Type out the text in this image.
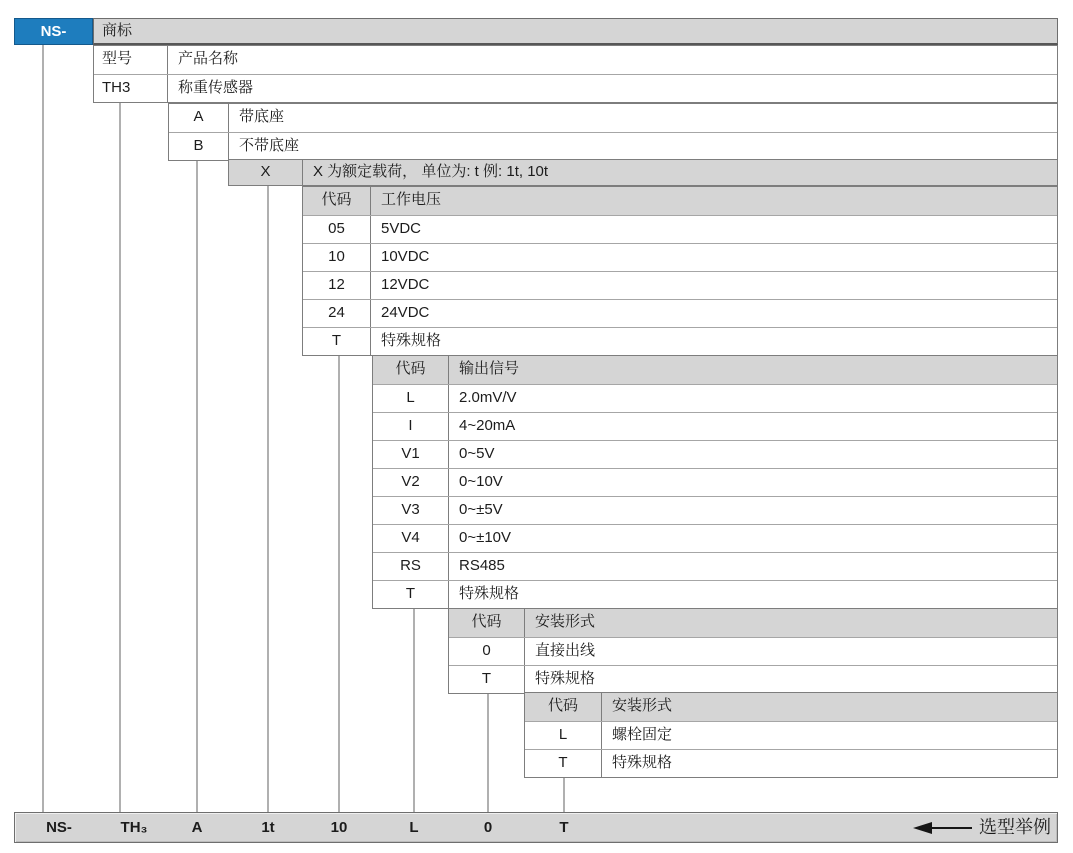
NS-	商标
型号	产品名称
TH3	称重传感器
A	带底座
B	不带底座
X	X 为额定载荷， 单位为: t 例: 1t, 10t
代码	工作电压
05	5VDC
10	10VDC
12	12VDC
24	24VDC
T	特殊规格
代码	输出信号
L	2.0mV/V
I	4~20mA
V1	0~5V
V2	0~10V
V3	0~±5V
V4	0~±10V
RS	RS485
T	特殊规格
代码	安装形式
0	直接出线
T	特殊规格
代码	安装形式
L	螺栓固定
T	特殊规格
NS-	TH₃	A	1t	10	L	0	T	选型举例
